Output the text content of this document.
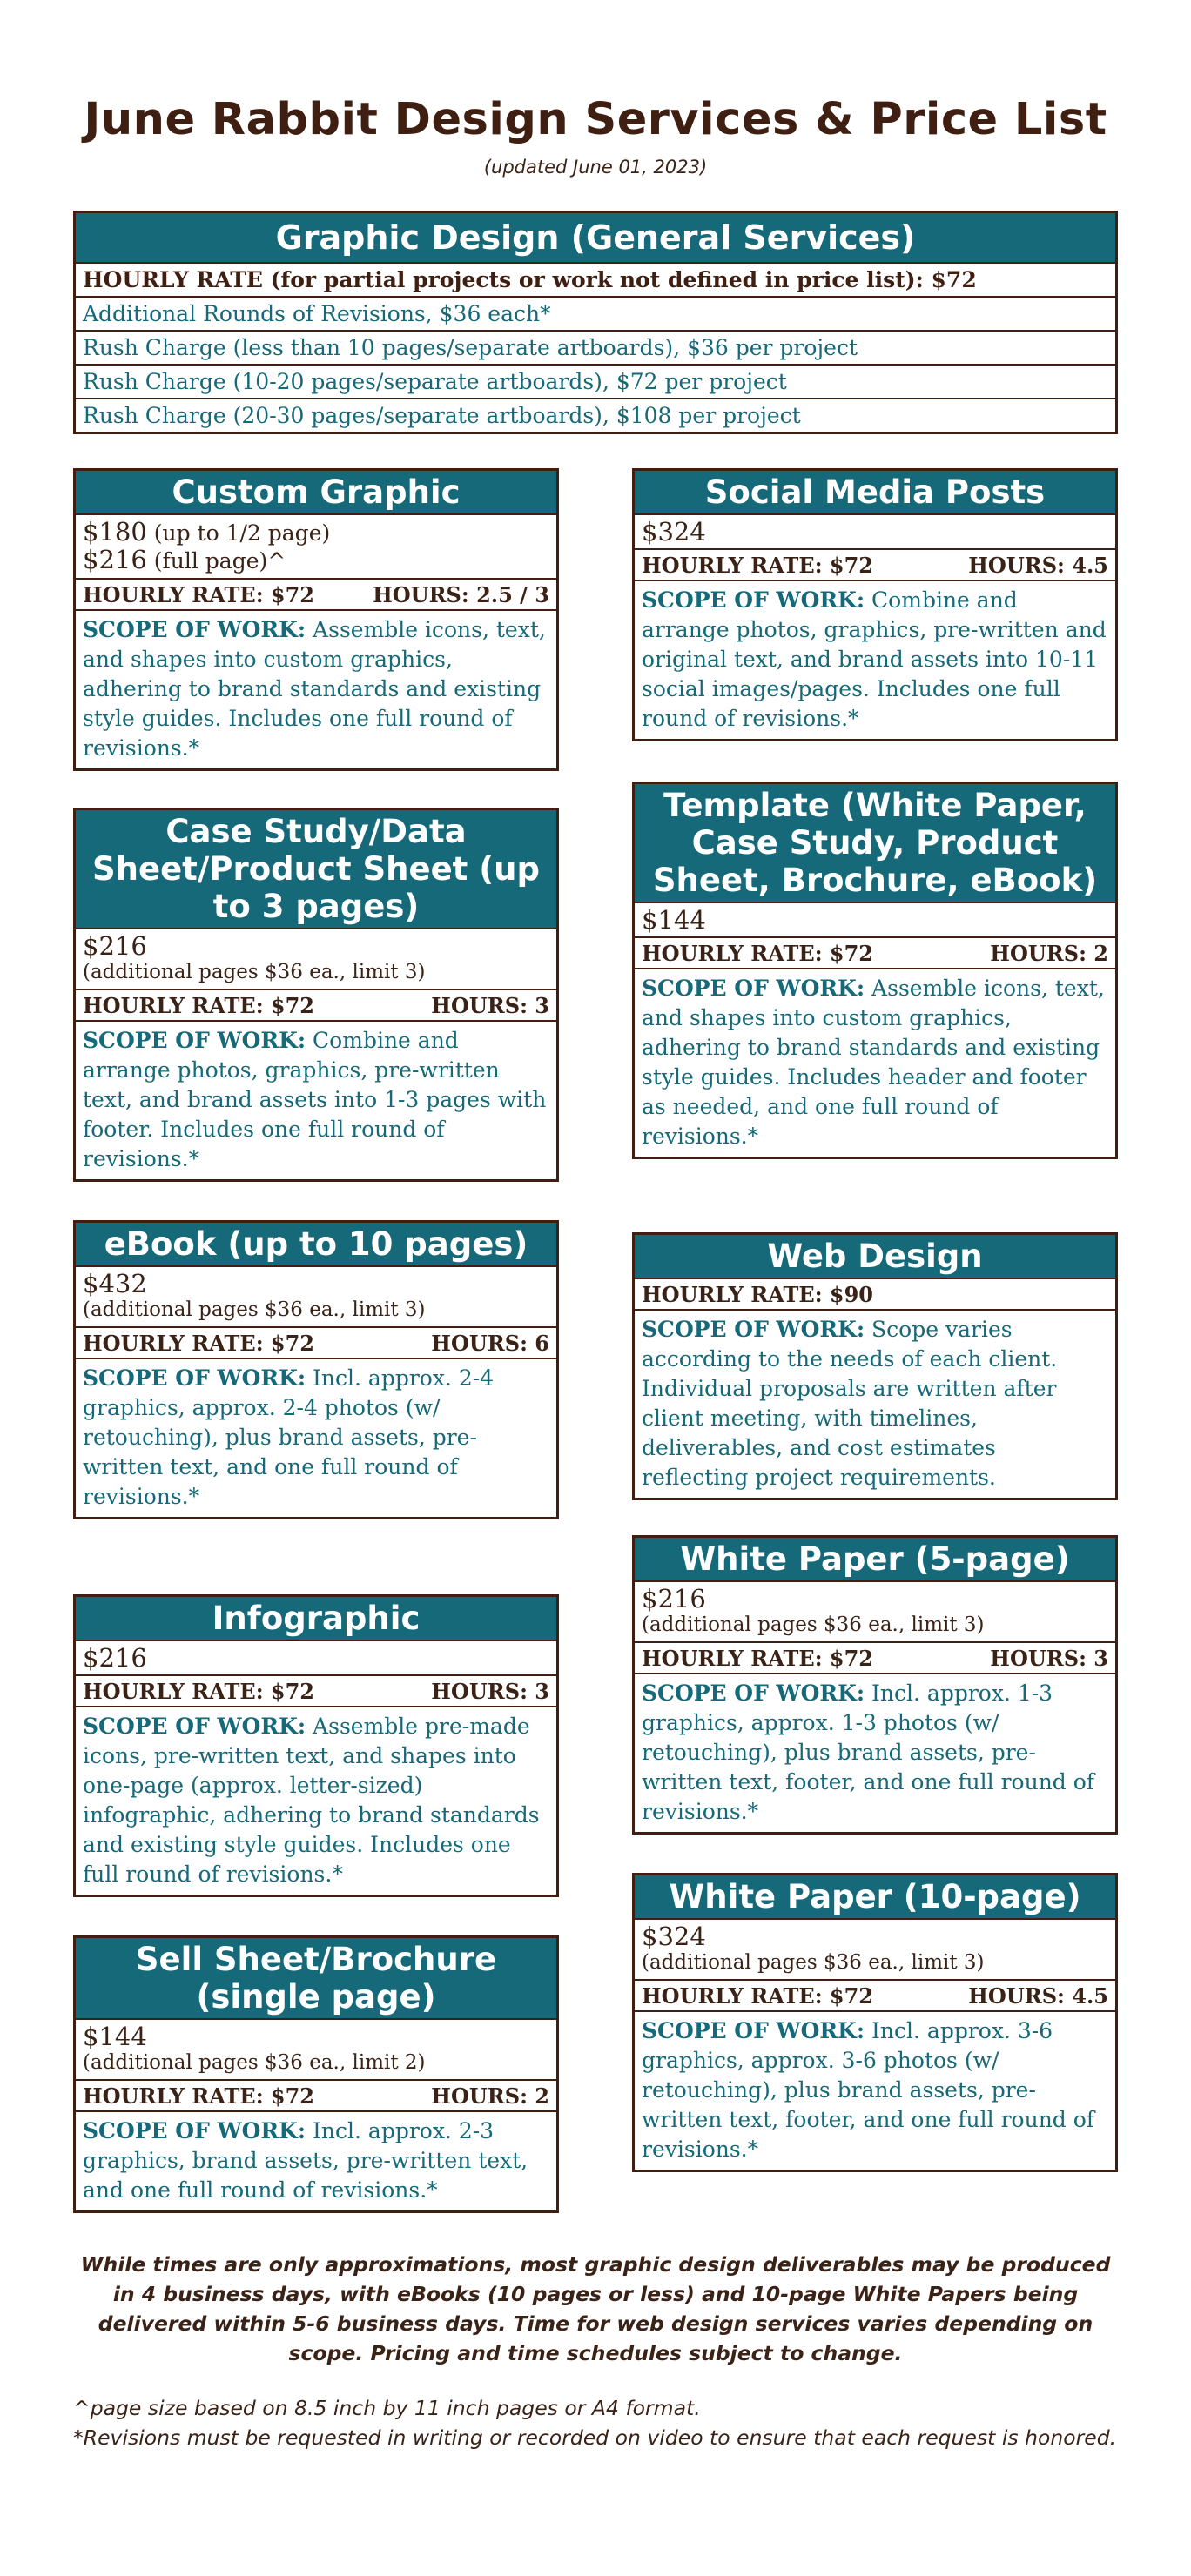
June Rabbit Design Services & Price List
(updated June 01, 2023)
Graphic Design (General Services)
HOURLY RATE (for partial projects or work not defined in price list): $72
Additional Rounds of Revisions, $36 each*
Rush Charge (less than 10 pages/separate artboards), $36 per project
Rush Charge (10-20 pages/separate artboards), $72 per project
Rush Charge (20-30 pages/separate artboards), $108 per project
Custom Graphic
$180 (up to 1/2 page)
$216 (full page)^
HOURLY RATE: $72	HOURS: 2.5 / 3
SCOPE OF WORK: Assemble icons, text, and shapes into custom graphics, adhering to brand standards and existing style guides. Includes one full round of revisions.*
Case Study/Data Sheet/Product Sheet (up to 3 pages)
$216
(additional pages $36 ea., limit 3)
HOURLY RATE: $72	HOURS: 3
SCOPE OF WORK: Combine and arrange photos, graphics, pre-written text, and brand assets into 1-3 pages with footer. Includes one full round of revisions.*
eBook (up to 10 pages)
$432
(additional pages $36 ea., limit 3)
HOURLY RATE: $72	HOURS: 6
SCOPE OF WORK: Incl. approx. 2-4 graphics, approx. 2-4 photos (w/ retouching), plus brand assets, pre-written text, and one full round of revisions.*
Infographic
$216
HOURLY RATE: $72	HOURS: 3
SCOPE OF WORK: Assemble pre-made icons, pre-written text, and shapes into one-page (approx. letter-sized) infographic, adhering to brand standards and existing style guides. Includes one full round of revisions.*
Sell Sheet/Brochure (single page)
$144
(additional pages $36 ea., limit 2)
HOURLY RATE: $72	HOURS: 2
SCOPE OF WORK: Incl. approx. 2-3 graphics, brand assets, pre-written text, and one full round of revisions.*
Social Media Posts
$324
HOURLY RATE: $72	HOURS: 4.5
SCOPE OF WORK: Combine and arrange photos, graphics, pre-written and original text, and brand assets into 10-11 social images/pages. Includes one full round of revisions.*
Template (White Paper, Case Study, Product Sheet, Brochure, eBook)
$144
HOURLY RATE: $72	HOURS: 2
SCOPE OF WORK: Assemble icons, text, and shapes into custom graphics, adhering to brand standards and existing style guides. Includes header and footer as needed, and one full round of revisions.*
Web Design
HOURLY RATE: $90
SCOPE OF WORK: Scope varies according to the needs of each client. Individual proposals are written after client meeting, with timelines, deliverables, and cost estimates reflecting project requirements.
White Paper (5-page)
$216
(additional pages $36 ea., limit 3)
HOURLY RATE: $72	HOURS: 3
SCOPE OF WORK: Incl. approx. 1-3 graphics, approx. 1-3 photos (w/ retouching), plus brand assets, pre-written text, footer, and one full round of revisions.*
White Paper (10-page)
$324
(additional pages $36 ea., limit 3)
HOURLY RATE: $72	HOURS: 4.5
SCOPE OF WORK: Incl. approx. 3-6 graphics, approx. 3-6 photos (w/ retouching), plus brand assets, pre-written text, footer, and one full round of revisions.*
While times are only approximations, most graphic design deliverables may be produced in 4 business days, with eBooks (10 pages or less) and 10-page White Papers being delivered within 5-6 business days. Time for web design services varies depending on scope. Pricing and time schedules subject to change.
^page size based on 8.5 inch by 11 inch pages or A4 format.
*Revisions must be requested in writing or recorded on video to ensure that each request is honored.
